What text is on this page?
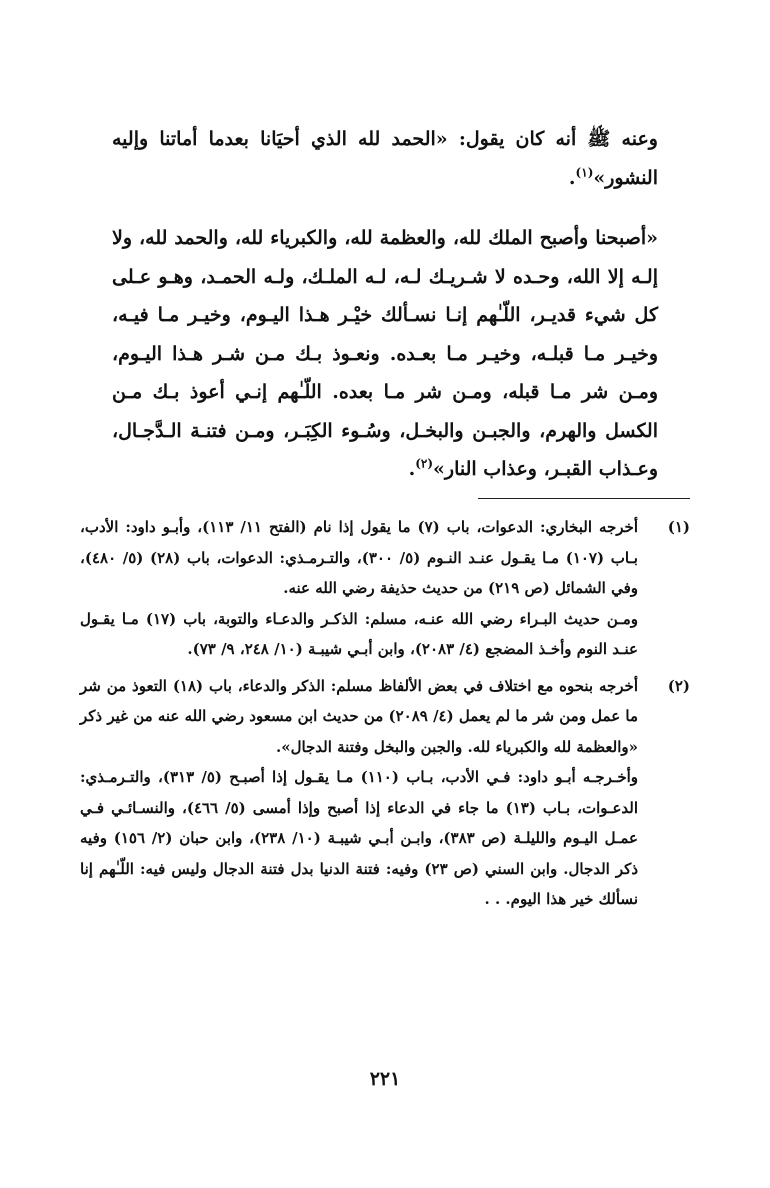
وعنه ﷺ أنه كان يقول: «الحمد لله الذي أحيَانا بعدما أماتنا وإليه النشور»$^{(١)}$.

«أصبحنا وأصبح الملك لله، والعظمة لله، والكبرياء لله، والحمد لله، ولا إلـه إلا الله، وحـده لا شـريـك لـه، لـه الملـك، ولـه الحمـد، وهـو عـلى كل شيء قديـر، اللّـٰهم إنـا نسـألك خيْـر هـذا اليـوم، وخيـر مـا فيـه، وخيـر مـا قبلـه، وخيـر مـا بعـده. ونعـوذ بـك مـن شـر هـذا اليـوم، ومـن شر مـا قبله، ومـن شر مـا بعده. اللّـٰهم إنـي أعوذ بـك مـن الكسل والهرم، والجبـن والبخـل، وسُـوء الكِبَـر، ومـن فتنـة الـدَّجـال، وعـذاب القبـر، وعذاب النار»$^{(٢)}$.

(١)

أخرجه البخاري: الدعوات، باب (٧) ما يقول إذا نام (الفتح ١١/ ١١٣)، وأبـو داود: الأدب، بـاب (١٠٧) مـا يقـول عنـد النـوم (٥/ ٣٠٠)، والتـرمـذي: الدعوات، باب (٢٨) (٥/ ٤٨٠)، وفي الشمائل (ص ٢١٩) من حديث حذيفة رضي الله عنه.

ومـن حديث البـراء رضي الله عنـه، مسلم: الذكـر والدعـاء والتوبة، باب (١٧) مـا يقـول عنـد النوم وأخـذ المضجع (٤/ ٢٠٨٣)، وابن أبـي شيبـة (١٠/ ٢٤٨، ٩/ ٧٣).

(٢)

أخرجه بنحوه مع اختلاف في بعض الألفاظ مسلم: الذكر والدعاء، باب (١٨) التعوذ من شر ما عمل ومن شر ما لم يعمل (٤/ ٢٠٨٩) من حديث ابن مسعود رضي الله عنه من غير ذكر «والعظمة لله والكبرياء لله. والجبن والبخل وفتنة الدجال».

وأخـرجـه أبـو داود: فـي الأدب، بـاب (١١٠) مـا يقـول إذا أصبـح (٥/ ٣١٣)، والتـرمـذي: الدعـوات، بـاب (١٣) ما جاء في الدعاء إذا أصبح وإذا أمسى (٥/ ٤٦٦)، والنسـائـي فـي عمـل اليـوم والليلـة (ص ٣٨٣)، وابـن أبـي شيبـة (١٠/ ٢٣٨)، وابن حبان (٢/ ١٥٦) وفيه ذكر الدجال. وابن السني (ص ٢٣) وفيه: فتنة الدنيا بدل فتنة الدجال وليس فيه: اللّـٰهم إنا نسألك خير هذا اليوم. . .

٢٢١
